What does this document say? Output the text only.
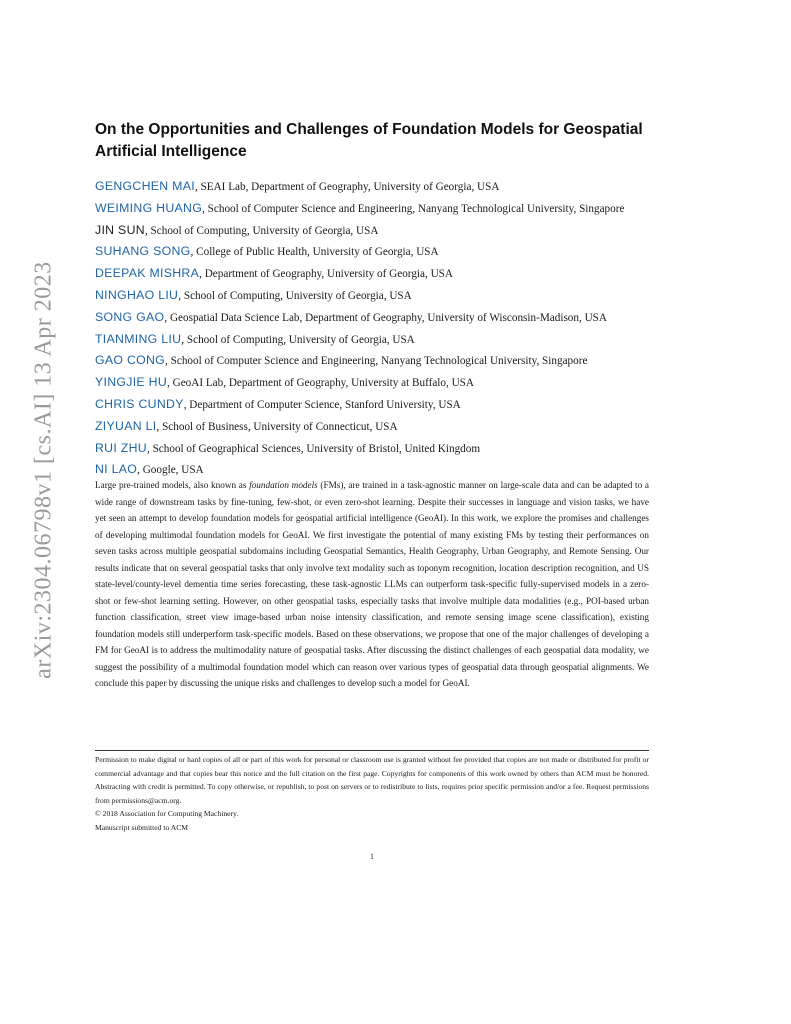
arXiv:2304.06798v1 [cs.AI] 13 Apr 2023
On the Opportunities and Challenges of Foundation Models for Geospatial Artificial Intelligence
GENGCHEN MAI, SEAI Lab, Department of Geography, University of Georgia, USA
WEIMING HUANG, School of Computer Science and Engineering, Nanyang Technological University, Singapore
JIN SUN, School of Computing, University of Georgia, USA
SUHANG SONG, College of Public Health, University of Georgia, USA
DEEPAK MISHRA, Department of Geography, University of Georgia, USA
NINGHAO LIU, School of Computing, University of Georgia, USA
SONG GAO, Geospatial Data Science Lab, Department of Geography, University of Wisconsin-Madison, USA
TIANMING LIU, School of Computing, University of Georgia, USA
GAO CONG, School of Computer Science and Engineering, Nanyang Technological University, Singapore
YINGJIE HU, GeoAI Lab, Department of Geography, University at Buffalo, USA
CHRIS CUNDY, Department of Computer Science, Stanford University, USA
ZIYUAN LI, School of Business, University of Connecticut, USA
RUI ZHU, School of Geographical Sciences, University of Bristol, United Kingdom
NI LAO, Google, USA
Large pre-trained models, also known as foundation models (FMs), are trained in a task-agnostic manner on large-scale data and can be adapted to a wide range of downstream tasks by fine-tuning, few-shot, or even zero-shot learning. Despite their successes in language and vision tasks, we have yet seen an attempt to develop foundation models for geospatial artificial intelligence (GeoAI). In this work, we explore the promises and challenges of developing multimodal foundation models for GeoAI. We first investigate the potential of many existing FMs by testing their performances on seven tasks across multiple geospatial subdomains including Geospatial Semantics, Health Geography, Urban Geography, and Remote Sensing. Our results indicate that on several geospatial tasks that only involve text modality such as toponym recognition, location description recognition, and US state-level/county-level dementia time series forecasting, these task-agnostic LLMs can outperform task-specific fully-supervised models in a zero-shot or few-shot learning setting. However, on other geospatial tasks, especially tasks that involve multiple data modalities (e.g., POI-based urban function classification, street view image-based urban noise intensity classification, and remote sensing image scene classification), existing foundation models still underperform task-specific models. Based on these observations, we propose that one of the major challenges of developing a FM for GeoAI is to address the multimodality nature of geospatial tasks. After discussing the distinct challenges of each geospatial data modality, we suggest the possibility of a multimodal foundation model which can reason over various types of geospatial data through geospatial alignments. We conclude this paper by discussing the unique risks and challenges to develop such a model for GeoAI.
Permission to make digital or hard copies of all or part of this work for personal or classroom use is granted without fee provided that copies are not made or distributed for profit or commercial advantage and that copies bear this notice and the full citation on the first page. Copyrights for components of this work owned by others than ACM must be honored. Abstracting with credit is permitted. To copy otherwise, or republish, to post on servers or to redistribute to lists, requires prior specific permission and/or a fee. Request permissions from permissions@acm.org.
© 2018 Association for Computing Machinery.
Manuscript submitted to ACM
1
